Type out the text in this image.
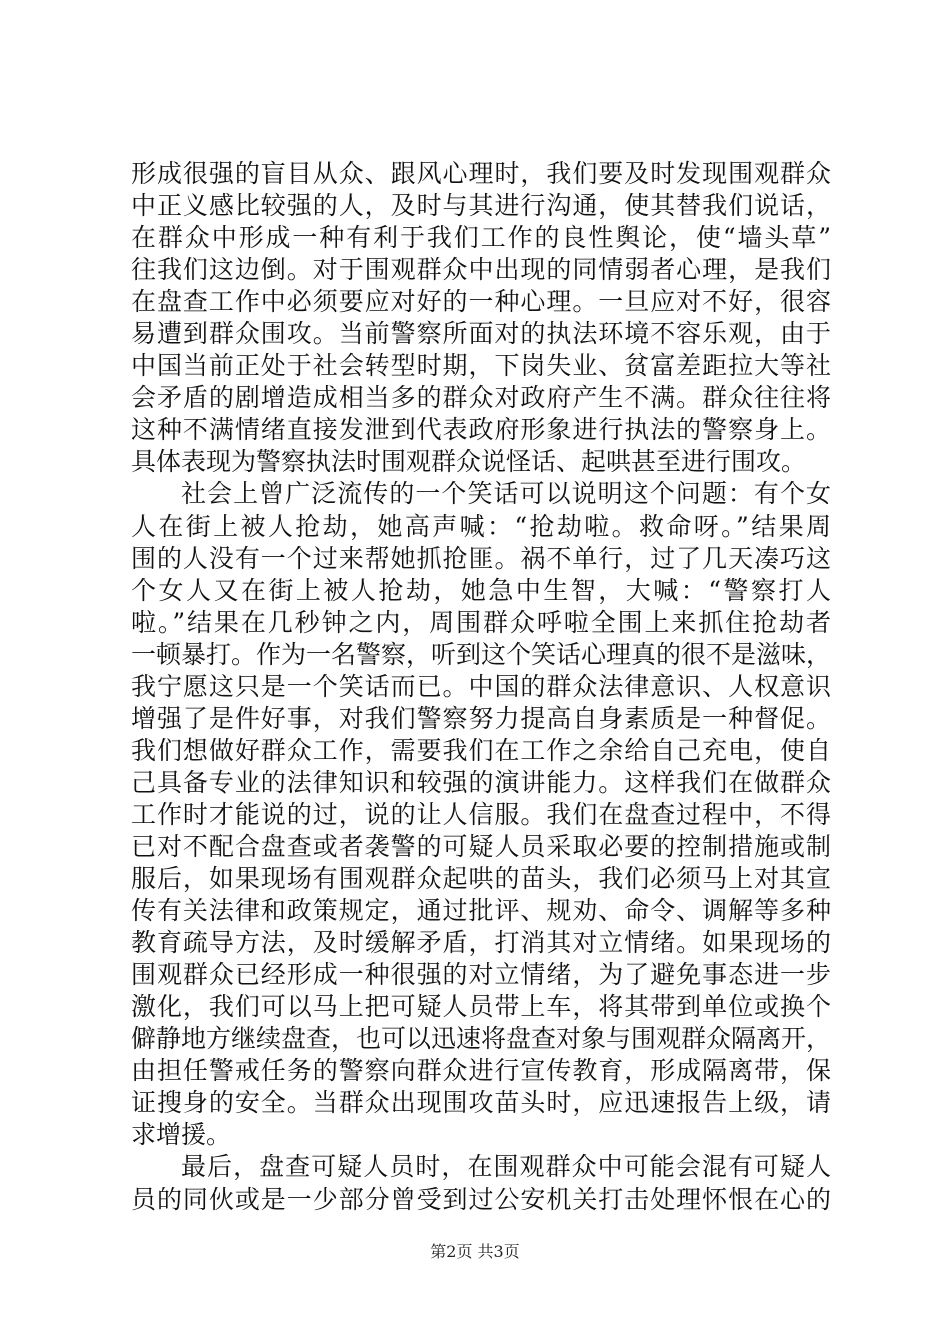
形成很强的盲目从众、跟风心理时，我们要及时发现围观群众
中正义感比较强的人，及时与其进行沟通，使其替我们说话，
在群众中形成一种有利于我们工作的良性舆论，使“墙头草”
往我们这边倒。对于围观群众中出现的同情弱者心理，是我们
在盘查工作中必须要应对好的一种心理。一旦应对不好，很容
易遭到群众围攻。当前警察所面对的执法环境不容乐观，由于
中国当前正处于社会转型时期，下岗失业、贫富差距拉大等社
会矛盾的剧增造成相当多的群众对政府产生不满。群众往往将
这种不满情绪直接发泄到代表政府形象进行执法的警察身上。
具体表现为警察执法时围观群众说怪话、起哄甚至进行围攻。
社会上曾广泛流传的一个笑话可以说明这个问题：有个女
人在街上被人抢劫，她高声喊：“抢劫啦。救命呀。”结果周
围的人没有一个过来帮她抓抢匪。祸不单行，过了几天凑巧这
个女人又在街上被人抢劫，她急中生智，大喊：“警察打人
啦。”结果在几秒钟之内，周围群众呼啦全围上来抓住抢劫者
一顿暴打。作为一名警察，听到这个笑话心理真的很不是滋味，
我宁愿这只是一个笑话而已。中国的群众法律意识、人权意识
增强了是件好事，对我们警察努力提高自身素质是一种督促。
我们想做好群众工作，需要我们在工作之余给自己充电，使自
己具备专业的法律知识和较强的演讲能力。这样我们在做群众
工作时才能说的过，说的让人信服。我们在盘查过程中，不得
已对不配合盘查或者袭警的可疑人员采取必要的控制措施或制
服后，如果现场有围观群众起哄的苗头，我们必须马上对其宣
传有关法律和政策规定，通过批评、规劝、命令、调解等多种
教育疏导方法，及时缓解矛盾，打消其对立情绪。如果现场的
围观群众已经形成一种很强的对立情绪，为了避免事态进一步
激化，我们可以马上把可疑人员带上车，将其带到单位或换个
僻静地方继续盘查，也可以迅速将盘查对象与围观群众隔离开，
由担任警戒任务的警察向群众进行宣传教育，形成隔离带，保
证搜身的安全。当群众出现围攻苗头时，应迅速报告上级，请
求增援。
最后，盘查可疑人员时，在围观群众中可能会混有可疑人
员的同伙或是一少部分曾受到过公安机关打击处理怀恨在心的
第2页 共3页
